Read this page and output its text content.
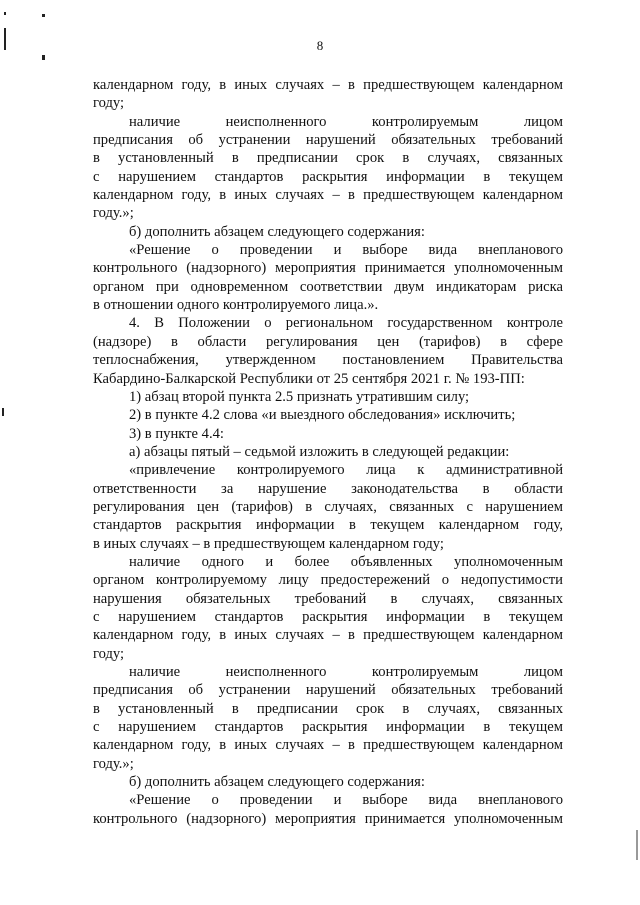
8
календарном году, в иных случаях – в предшествующем календарном
году;
наличие неисполненного контролируемым лицом
предписания об устранении нарушений обязательных требований
в установленный в предписании срок в случаях, связанных
с нарушением стандартов раскрытия информации в текущем
календарном году, в иных случаях – в предшествующем календарном
году.»;
б) дополнить абзацем следующего содержания:
«Решение о проведении и выборе вида внепланового
контрольного (надзорного) мероприятия принимается уполномоченным
органом при одновременном соответствии двум индикаторам риска
в отношении одного контролируемого лица.».
4. В Положении о региональном государственном контроле
(надзоре) в области регулирования цен (тарифов) в сфере
теплоснабжения, утвержденном постановлением Правительства
Кабардино-Балкарской Республики от 25 сентября 2021 г. № 193-ПП:
1) абзац второй пункта 2.5 признать утратившим силу;
2) в пункте 4.2 слова «и выездного обследования» исключить;
3) в пункте 4.4:
а) абзацы пятый – седьмой изложить в следующей редакции:
«привлечение контролируемого лица к административной
ответственности за нарушение законодательства в области
регулирования цен (тарифов) в случаях, связанных с нарушением
стандартов раскрытия информации в текущем календарном году,
в иных случаях – в предшествующем календарном году;
наличие одного и более объявленных уполномоченным
органом контролируемому лицу предостережений о недопустимости
нарушения обязательных требований в случаях, связанных
с нарушением стандартов раскрытия информации в текущем
календарном году, в иных случаях – в предшествующем календарном
году;
наличие неисполненного контролируемым лицом
предписания об устранении нарушений обязательных требований
в установленный в предписании срок в случаях, связанных
с нарушением стандартов раскрытия информации в текущем
календарном году, в иных случаях – в предшествующем календарном
году.»;
б) дополнить абзацем следующего содержания:
«Решение о проведении и выборе вида внепланового
контрольного (надзорного) мероприятия принимается уполномоченным
